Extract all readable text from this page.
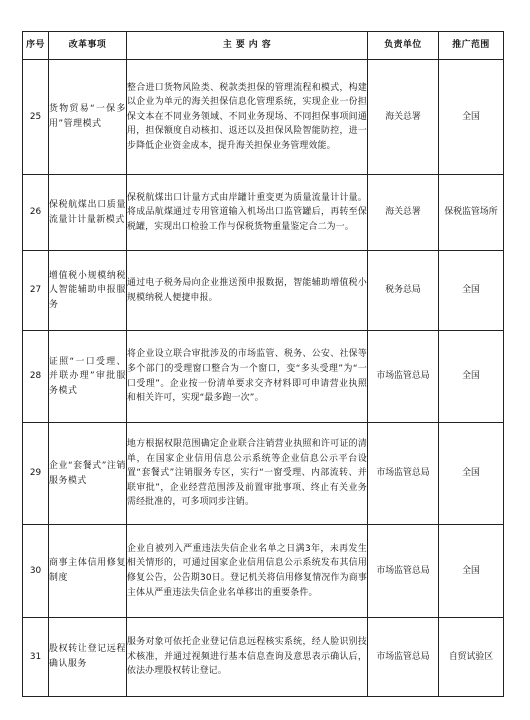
序号	改革事项	主 要 内 容	负责单位	推广范围
25	货物贸易“一保多用”管理模式	整合进口货物风险类、税款类担保的管理流程和模式，构建以企业为单元的海关担保信息化管理系统，实现企业一份担保文本在不同业务领域、不同业务现场、不同担保事项间通用，担保额度自动核扣、返还以及担保风险智能防控，进一步降低企业资金成本，提升海关担保业务管理效能。	海关总署	全国
26	保税航煤出口质量流量计计量新模式	保税航煤出口计量方式由岸罐计重变更为质量流量计计量。将成品航煤通过专用管道输入机场出口监管罐后，再转至保税罐，实现出口检验工作与保税货物重量鉴定合二为一。	海关总署	保税监管场所
27	增值税小规模纳税人智能辅助申报服务	通过电子税务局向企业推送预申报数据，智能辅助增值税小规模纳税人便捷申报。	税务总局	全国
28	证照“一口受理、并联办理”审批服务模式	将企业设立联合审批涉及的市场监管、税务、公安、社保等多个部门的受理窗口整合为一个窗口，变“多头受理”为“一口受理”。企业按一份清单要求交齐材料即可申请营业执照和相关许可，实现“最多跑一次”。	市场监管总局	全国
29	企业“套餐式”注销服务模式	地方根据权限范围确定企业联合注销营业执照和许可证的清单，在国家企业信用信息公示系统等企业信息公示平台设置“套餐式”注销服务专区，实行“一窗受理、内部流转、并联审批”，企业经营范围涉及前置审批事项、终止有关业务需经批准的，可多项同步注销。	市场监管总局	全国
30	商事主体信用修复制度	企业自被列入严重违法失信企业名单之日满3年，未再发生相关情形的，可通过国家企业信用信息公示系统发布其信用修复公告，公告期30日。登记机关将信用修复情况作为商事主体从严重违法失信企业名单移出的重要条件。	市场监管总局	全国
31	股权转让登记远程确认服务	服务对象可依托企业登记信息远程核实系统，经人脸识别技术核准，并通过视频进行基本信息查询及意思表示确认后，依法办理股权转让登记。	市场监管总局	自贸试验区
